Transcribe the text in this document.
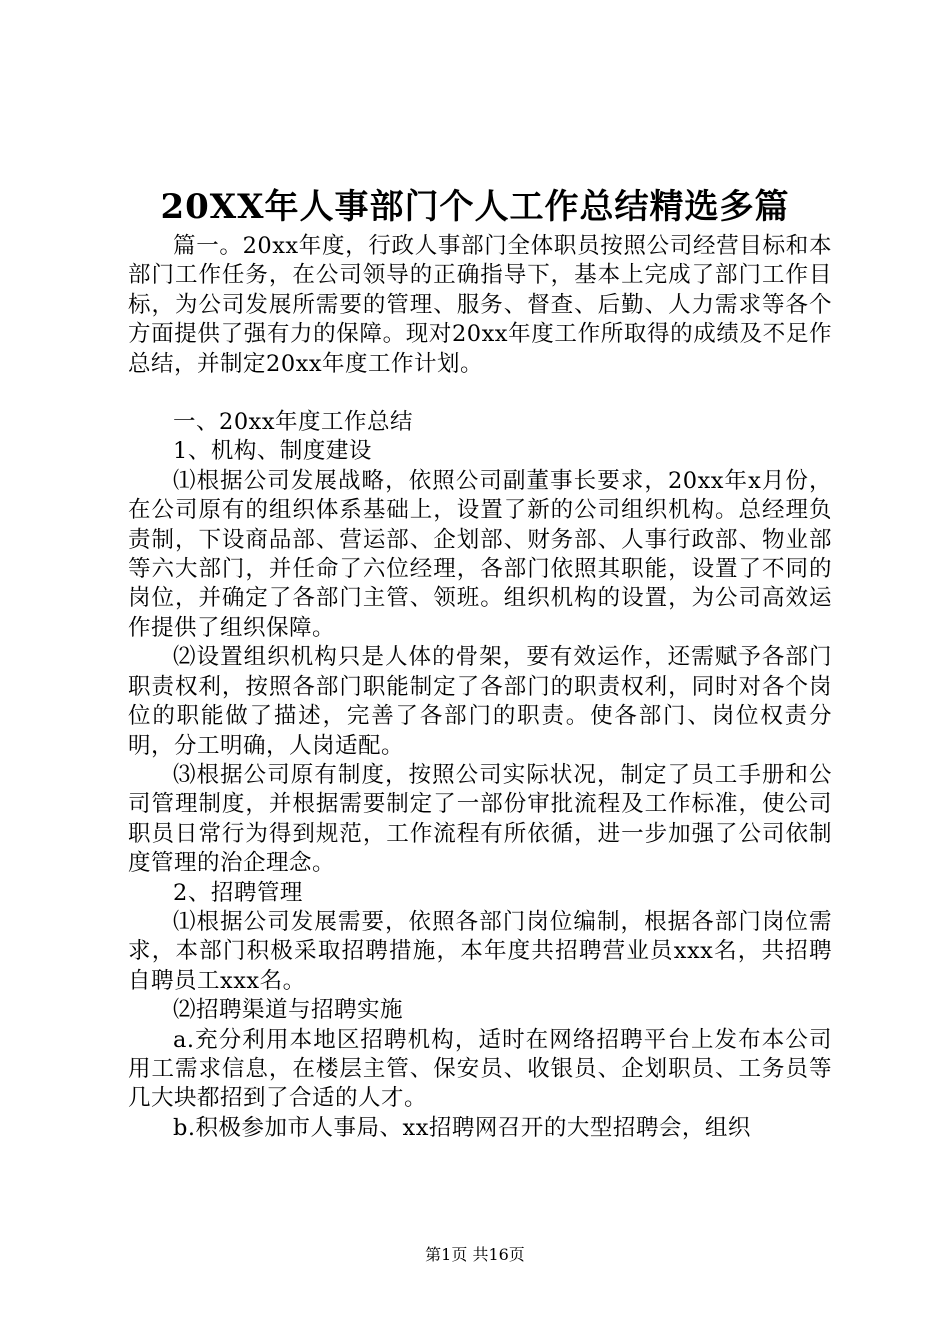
20XX年人事部门个人工作总结精选多篇

篇一。20xx年度，行政人事部门全体职员按照公司经营目标和本部门工作任务，在公司领导的正确指导下，基本上完成了部门工作目标，为公司发展所需要的管理、服务、督查、后勤、人力需求等各个方面提供了强有力的保障。现对20xx年度工作所取得的成绩及不足作总结，并制定20xx年度工作计划。

一、20xx年度工作总结

1、机构、制度建设

⑴根据公司发展战略，依照公司副董事长要求，20xx年x月份，在公司原有的组织体系基础上，设置了新的公司组织机构。总经理负责制，下设商品部、营运部、企划部、财务部、人事行政部、物业部等六大部门，并任命了六位经理，各部门依照其职能，设置了不同的岗位，并确定了各部门主管、领班。组织机构的设置，为公司高效运作提供了组织保障。

⑵设置组织机构只是人体的骨架，要有效运作，还需赋予各部门职责权利，按照各部门职能制定了各部门的职责权利，同时对各个岗位的职能做了描述，完善了各部门的职责。使各部门、岗位权责分明，分工明确，人岗适配。

⑶根据公司原有制度，按照公司实际状况，制定了员工手册和公司管理制度，并根据需要制定了一部份审批流程及工作标准，使公司职员日常行为得到规范，工作流程有所依循，进一步加强了公司依制度管理的治企理念。

2、招聘管理

⑴根据公司发展需要，依照各部门岗位编制，根据各部门岗位需求，本部门积极采取招聘措施，本年度共招聘营业员xxx名，共招聘自聘员工xxx名。

⑵招聘渠道与招聘实施

a.充分利用本地区招聘机构，适时在网络招聘平台上发布本公司用工需求信息，在楼层主管、保安员、收银员、企划职员、工务员等几大块都招到了合适的人才。

b.积极参加市人事局、xx招聘网召开的大型招聘会，组织

第1页 共16页
